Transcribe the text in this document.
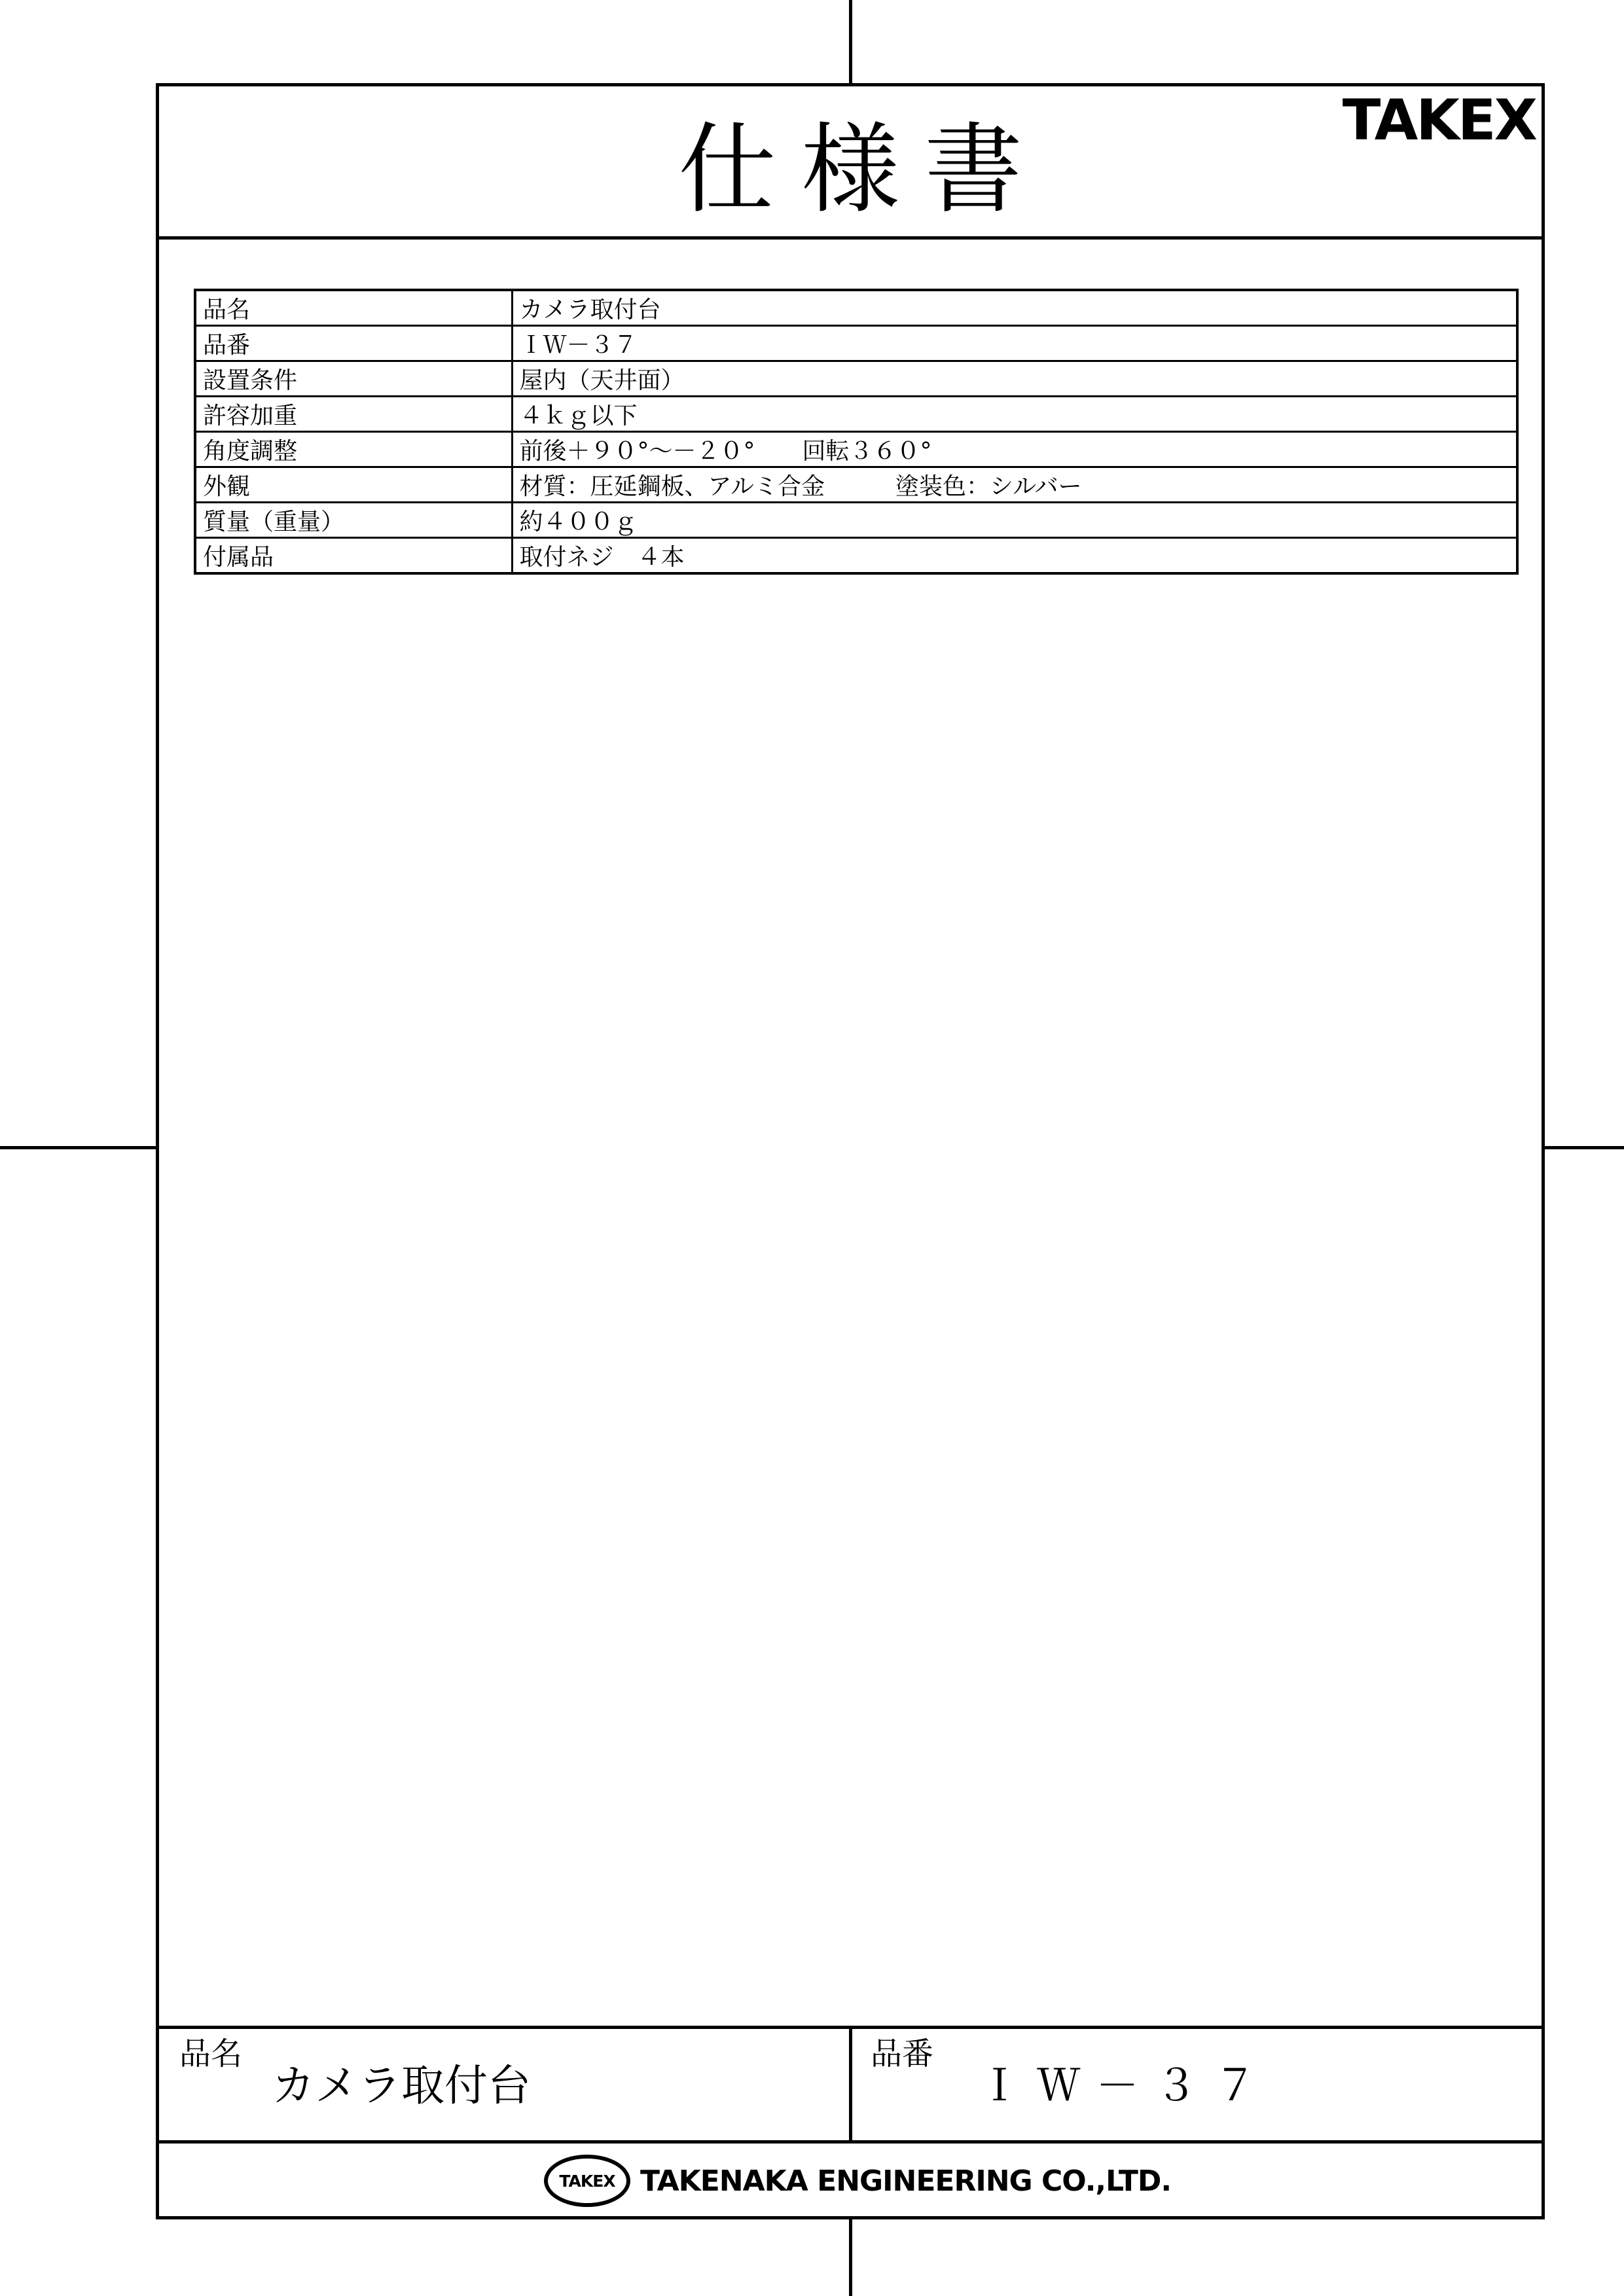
仕様書	TAKEX
品名	カメラ取付台
品番	ＩＷ－３７
設置条件	屋内（天井面）
許容加重	４ｋｇ以下
角度調整	前後＋９０°～－２０°　　回転３６０°
外観	材質：圧延鋼板、アルミ合金　　　塗装色：シルバー
質量（重量）	約４００ｇ
付属品	取付ネジ　４本
品名
カメラ取付台
品番
ＩＷ－３７
TAKEX TAKENAKA ENGINEERING CO.,LTD.
